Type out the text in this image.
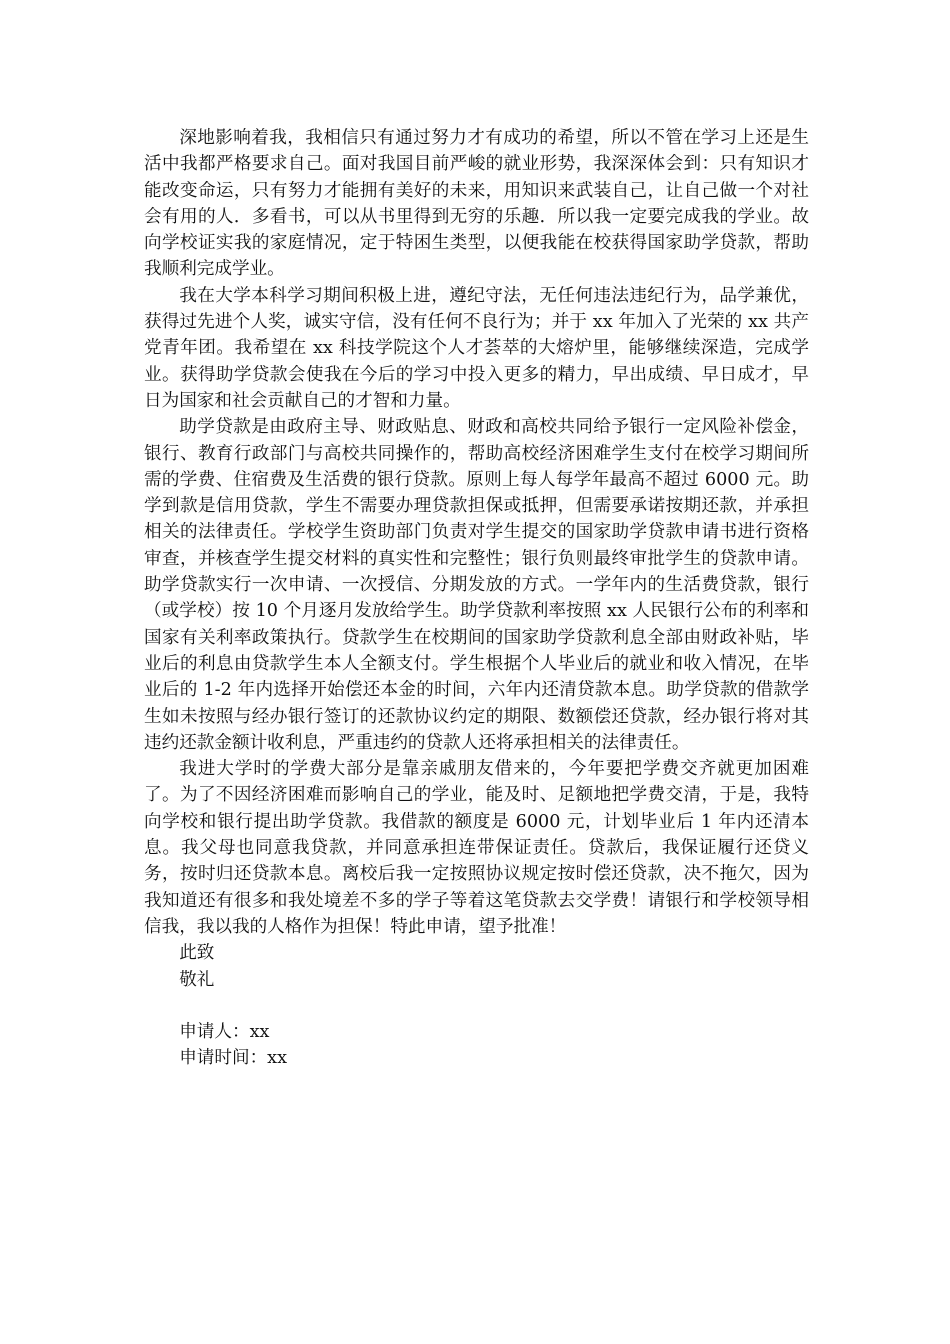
深地影响着我，我相信只有通过努力才有成功的希望，所以不管在学习上还是生活中我都严格要求自己。面对我国目前严峻的就业形势，我深深体会到：只有知识才能改变命运，只有努力才能拥有美好的未来，用知识来武装自己，让自己做一个对社会有用的人．多看书，可以从书里得到无穷的乐趣．所以我一定要完成我的学业。故向学校证实我的家庭情况，定于特困生类型，以便我能在校获得国家助学贷款，帮助我顺利完成学业。

我在大学本科学习期间积极上进，遵纪守法，无任何违法违纪行为，品学兼优，获得过先进个人奖，诚实守信，没有任何不良行为；并于 xx 年加入了光荣的 xx 共产党青年团。我希望在 xx 科技学院这个人才荟萃的大熔炉里，能够继续深造，完成学业。获得助学贷款会使我在今后的学习中投入更多的精力，早出成绩、早日成才，早日为国家和社会贡献自己的才智和力量。

助学贷款是由政府主导、财政贴息、财政和高校共同给予银行一定风险补偿金，银行、教育行政部门与高校共同操作的，帮助高校经济困难学生支付在校学习期间所需的学费、住宿费及生活费的银行贷款。原则上每人每学年最高不超过 6000 元。助学到款是信用贷款，学生不需要办理贷款担保或抵押，但需要承诺按期还款，并承担相关的法律责任。学校学生资助部门负责对学生提交的国家助学贷款申请书进行资格审查，并核查学生提交材料的真实性和完整性；银行负则最终审批学生的贷款申请。助学贷款实行一次申请、一次授信、分期发放的方式。一学年内的生活费贷款，银行（或学校）按 10 个月逐月发放给学生。助学贷款利率按照 xx 人民银行公布的利率和国家有关利率政策执行。贷款学生在校期间的国家助学贷款利息全部由财政补贴，毕业后的利息由贷款学生本人全额支付。学生根据个人毕业后的就业和收入情况，在毕业后的 1-2 年内选择开始偿还本金的时间，六年内还清贷款本息。助学贷款的借款学生如未按照与经办银行签订的还款协议约定的期限、数额偿还贷款，经办银行将对其违约还款金额计收利息，严重违约的贷款人还将承担相关的法律责任。

我进大学时的学费大部分是靠亲戚朋友借来的，今年要把学费交齐就更加困难了。为了不因经济困难而影响自己的学业，能及时、足额地把学费交清，于是，我特向学校和银行提出助学贷款。我借款的额度是 6000 元，计划毕业后 1 年内还清本息。我父母也同意我贷款，并同意承担连带保证责任。贷款后，我保证履行还贷义务，按时归还贷款本息。离校后我一定按照协议规定按时偿还贷款，决不拖欠，因为我知道还有很多和我处境差不多的学子等着这笔贷款去交学费！请银行和学校领导相信我，我以我的人格作为担保！特此申请，望予批准！

此致

敬礼

申请人：xx

申请时间：xx
